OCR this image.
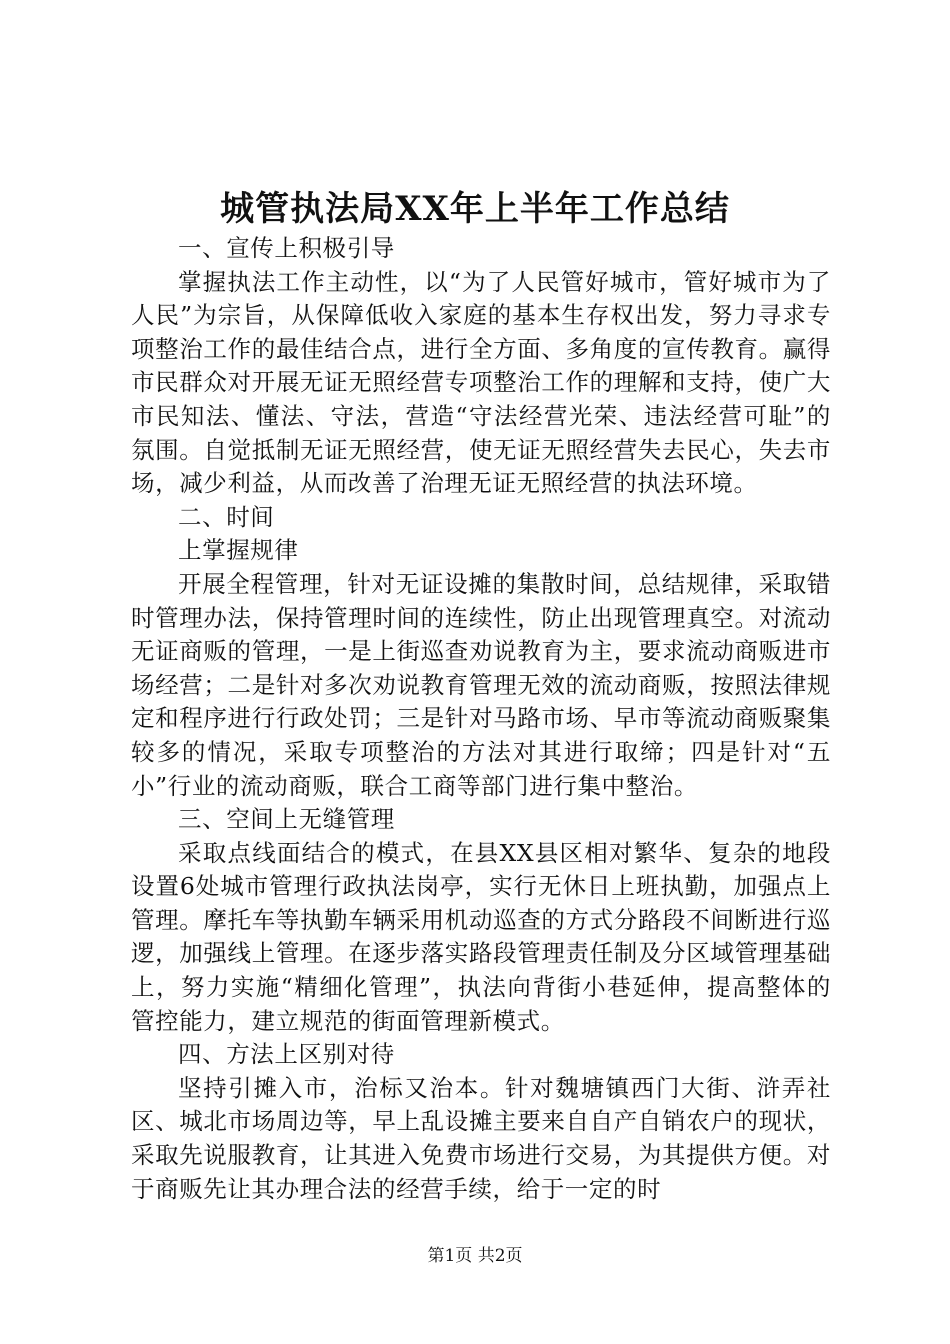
城管执法局XX年上半年工作总结

一、宣传上积极引导

掌握执法工作主动性，以“为了人民管好城市，管好城市为了人民”为宗旨，从保障低收入家庭的基本生存权出发，努力寻求专项整治工作的最佳结合点，进行全方面、多角度的宣传教育。赢得市民群众对开展无证无照经营专项整治工作的理解和支持，使广大市民知法、懂法、守法，营造“守法经营光荣、违法经营可耻”的氛围。自觉抵制无证无照经营，使无证无照经营失去民心，失去市场，减少利益，从而改善了治理无证无照经营的执法环境。

二、时间

上掌握规律

开展全程管理，针对无证设摊的集散时间，总结规律，采取错时管理办法，保持管理时间的连续性，防止出现管理真空。对流动无证商贩的管理，一是上街巡查劝说教育为主，要求流动商贩进市场经营；二是针对多次劝说教育管理无效的流动商贩，按照法律规定和程序进行行政处罚；三是针对马路市场、早市等流动商贩聚集较多的情况，采取专项整治的方法对其进行取缔；四是针对“五小”行业的流动商贩，联合工商等部门进行集中整治。

三、空间上无缝管理

采取点线面结合的模式，在县XX县区相对繁华、复杂的地段设置6处城市管理行政执法岗亭，实行无休日上班执勤，加强点上管理。摩托车等执勤车辆采用机动巡查的方式分路段不间断进行巡逻，加强线上管理。在逐步落实路段管理责任制及分区域管理基础上，努力实施“精细化管理”，执法向背街小巷延伸，提高整体的管控能力，建立规范的街面管理新模式。

四、方法上区别对待

坚持引摊入市，治标又治本。针对魏塘镇西门大街、浒弄社区、城北市场周边等，早上乱设摊主要来自自产自销农户的现状，采取先说服教育，让其进入免费市场进行交易，为其提供方便。对于商贩先让其办理合法的经营手续，给于一定的时

第1页 共2页
